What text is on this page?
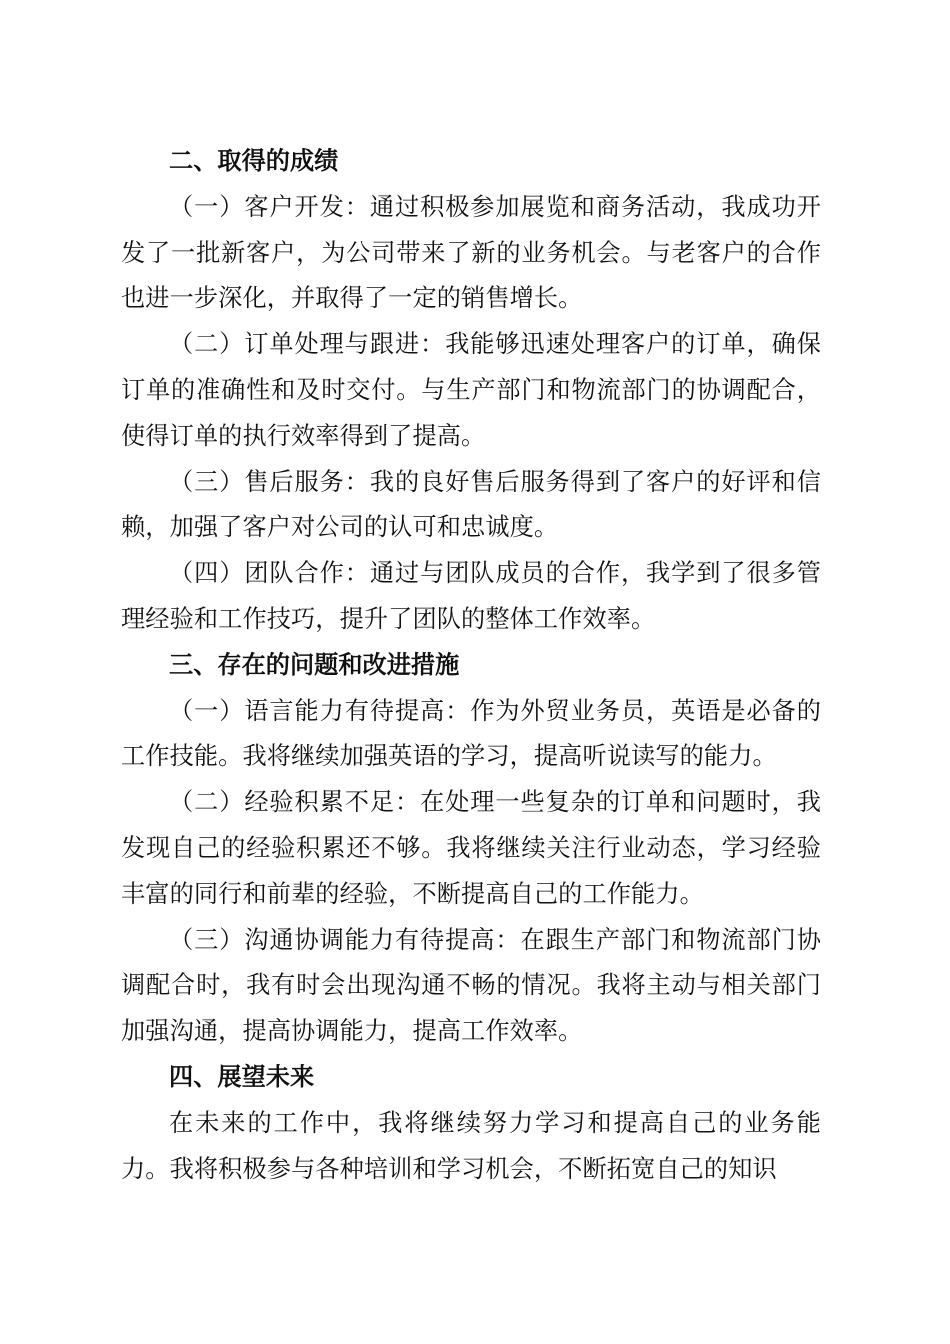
二、取得的成绩

（一）客户开发：通过积极参加展览和商务活动，我成功开发了一批新客户，为公司带来了新的业务机会。与老客户的合作也进一步深化，并取得了一定的销售增长。

（二）订单处理与跟进：我能够迅速处理客户的订单，确保订单的准确性和及时交付。与生产部门和物流部门的协调配合，使得订单的执行效率得到了提高。

（三）售后服务：我的良好售后服务得到了客户的好评和信赖，加强了客户对公司的认可和忠诚度。

（四）团队合作：通过与团队成员的合作，我学到了很多管理经验和工作技巧，提升了团队的整体工作效率。

三、存在的问题和改进措施

（一）语言能力有待提高：作为外贸业务员，英语是必备的工作技能。我将继续加强英语的学习，提高听说读写的能力。

（二）经验积累不足：在处理一些复杂的订单和问题时，我发现自己的经验积累还不够。我将继续关注行业动态，学习经验丰富的同行和前辈的经验，不断提高自己的工作能力。

（三）沟通协调能力有待提高：在跟生产部门和物流部门协调配合时，我有时会出现沟通不畅的情况。我将主动与相关部门加强沟通，提高协调能力，提高工作效率。

四、展望未来

在未来的工作中，我将继续努力学习和提高自己的业务能力。我将积极参与各种培训和学习机会，不断拓宽自己的知识
